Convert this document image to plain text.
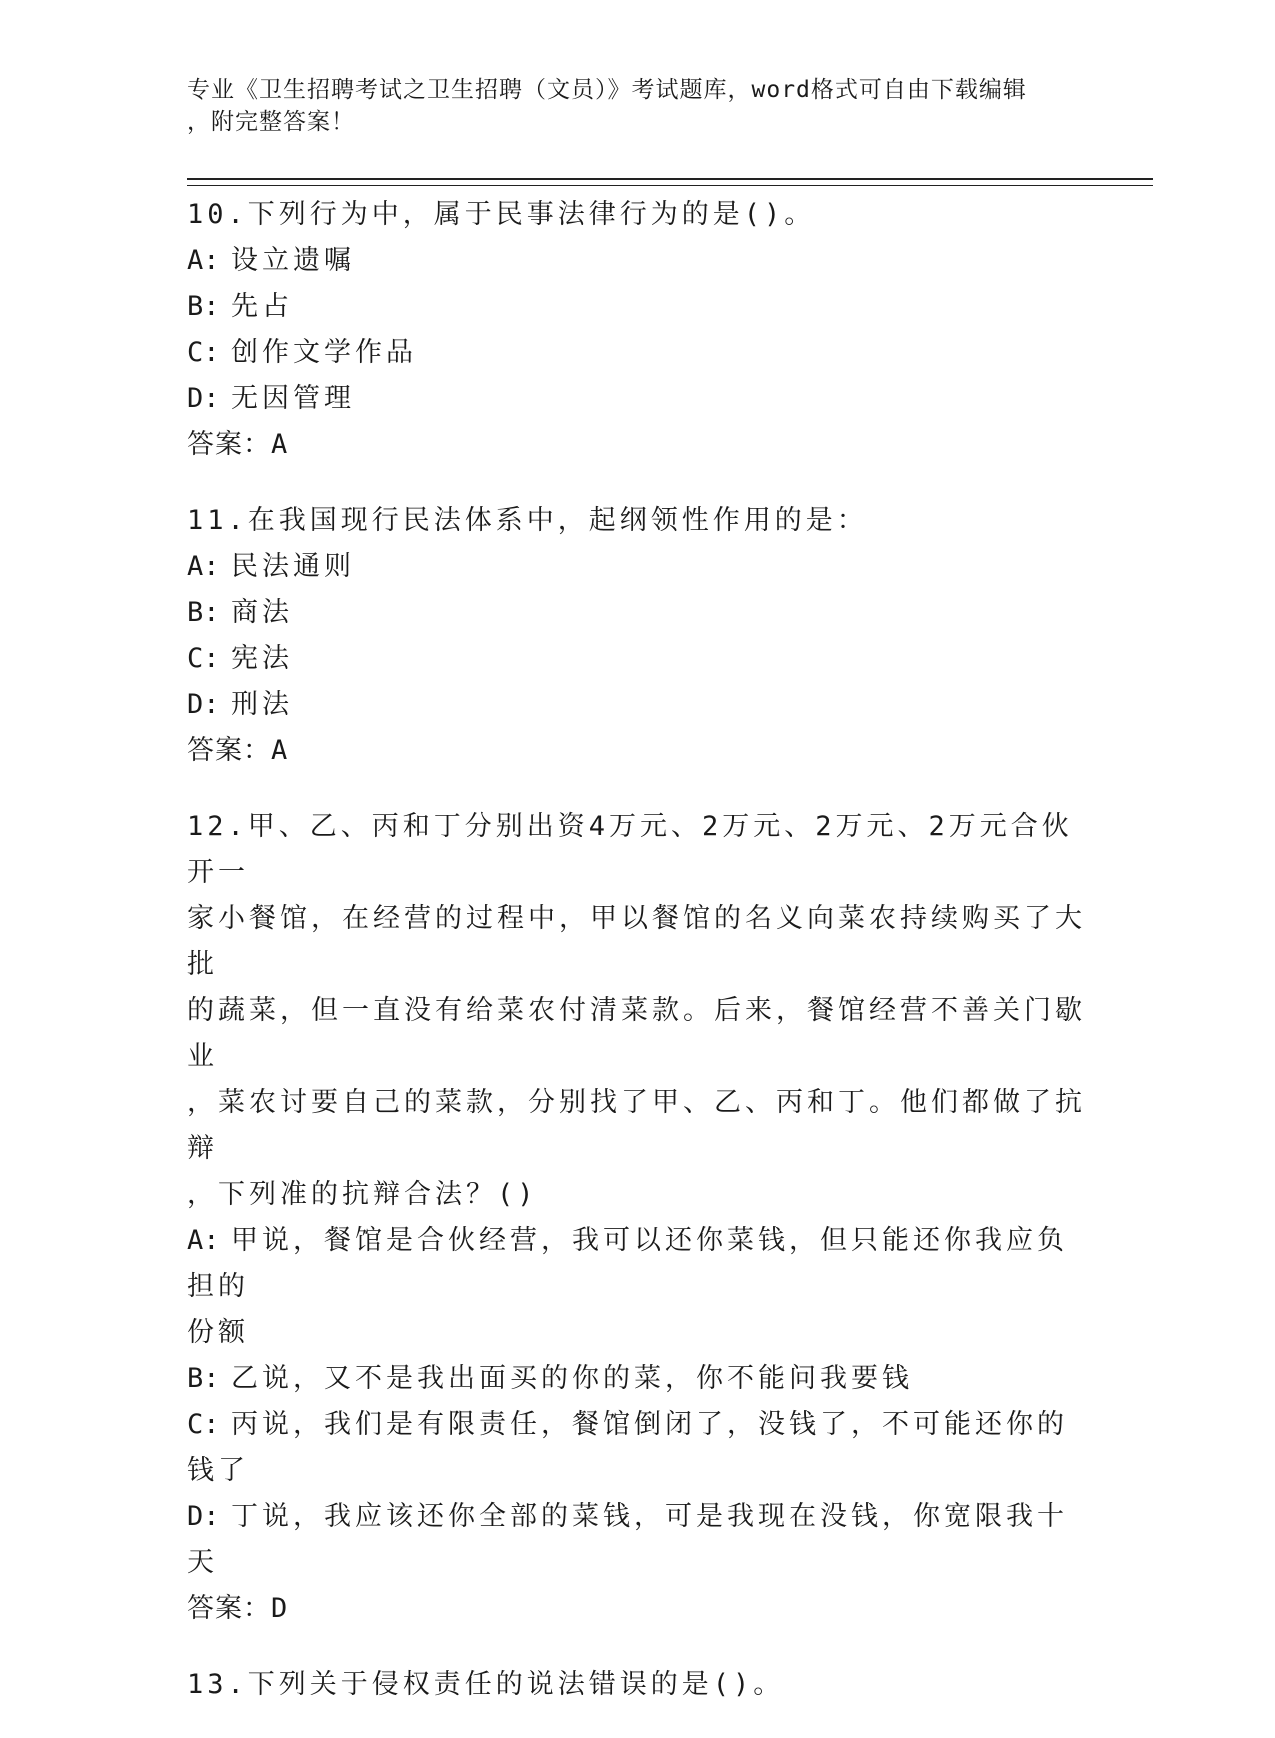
专业《卫生招聘考试之卫生招聘（文员）》考试题库，word格式可自由下载编辑
，附完整答案！

10.下列行为中，属于民事法律行为的是()。

A: 设立遗嘱

B: 先占

C: 创作文学作品

D: 无因管理

答案：A

11.在我国现行民法体系中，起纲领性作用的是：

A: 民法通则

B: 商法

C: 宪法

D: 刑法

答案：A

12.甲、乙、丙和丁分别出资4万元、2万元、2万元、2万元合伙开一

家小餐馆，在经营的过程中，甲以餐馆的名义向菜农持续购买了大批

的蔬菜，但一直没有给菜农付清菜款。后来，餐馆经营不善关门歇业

，菜农讨要自己的菜款，分别找了甲、乙、丙和丁。他们都做了抗辩

，下列准的抗辩合法？()

A: 甲说，餐馆是合伙经营，我可以还你菜钱，但只能还你我应负担的

份额

B: 乙说，又不是我出面买的你的菜，你不能问我要钱

C: 丙说，我们是有限责任，餐馆倒闭了，没钱了，不可能还你的钱了

D: 丁说，我应该还你全部的菜钱，可是我现在没钱，你宽限我十天

答案：D

13.下列关于侵权责任的说法错误的是()。
